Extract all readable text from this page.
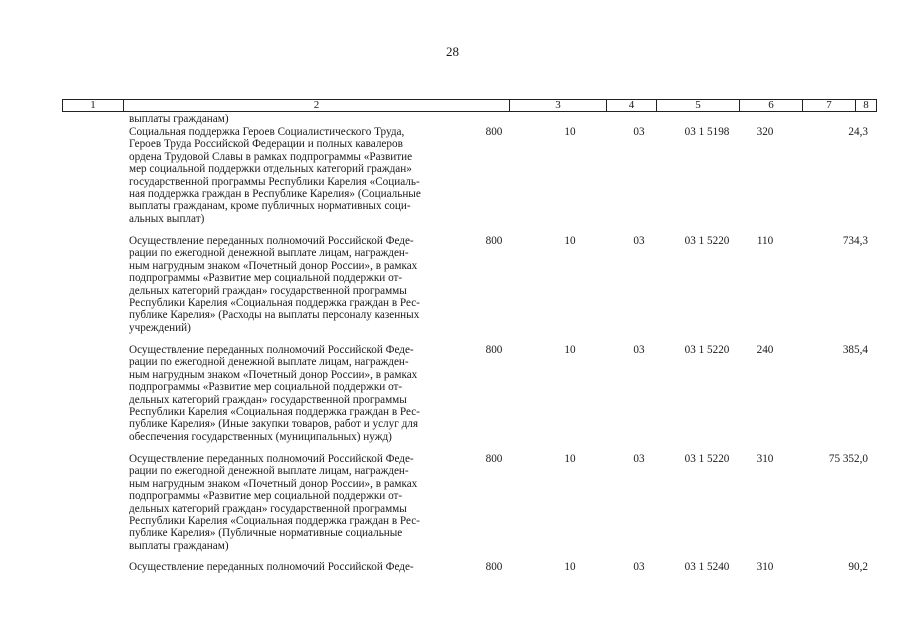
28
1	2	3	4	5	6	7	8
выплаты гражданам)
Социальная поддержка Героев Социалистического Труда,
Героев Труда Российской Федерации и полных кавалеров
ордена Трудовой Славы в рамках подпрограммы «Развитие
мер социальной поддержки отдельных категорий граждан»
государственной программы Республики Карелия «Социаль-
ная поддержка граждан в Республике Карелия» (Социальные
выплаты гражданам, кроме публичных нормативных соци-
альных выплат)
800	10	03	03 1 5198	320	24,3
Осуществление переданных полномочий Российской Феде-
рации по ежегодной денежной выплате лицам, награжден-
ным нагрудным знаком «Почетный донор России», в рамках
подпрограммы «Развитие мер социальной поддержки от-
дельных категорий граждан» государственной программы
Республики Карелия «Социальная поддержка граждан в Рес-
публике Карелия» (Расходы на выплаты персоналу казенных
учреждений)
800	10	03	03 1 5220	110	734,3
Осуществление переданных полномочий Российской Феде-
рации по ежегодной денежной выплате лицам, награжден-
ным нагрудным знаком «Почетный донор России», в рамках
подпрограммы «Развитие мер социальной поддержки от-
дельных категорий граждан» государственной программы
Республики Карелия «Социальная поддержка граждан в Рес-
публике Карелия» (Иные закупки товаров, работ и услуг для
обеспечения государственных (муниципальных) нужд)
800	10	03	03 1 5220	240	385,4
Осуществление переданных полномочий Российской Феде-
рации по ежегодной денежной выплате лицам, награжден-
ным нагрудным знаком «Почетный донор России», в рамках
подпрограммы «Развитие мер социальной поддержки от-
дельных категорий граждан» государственной программы
Республики Карелия «Социальная поддержка граждан в Рес-
публике Карелия» (Публичные нормативные социальные
выплаты гражданам)
800	10	03	03 1 5220	310	75 352,0
Осуществление переданных полномочий Российской Феде-	800	10	03	03 1 5240	310	90,2
